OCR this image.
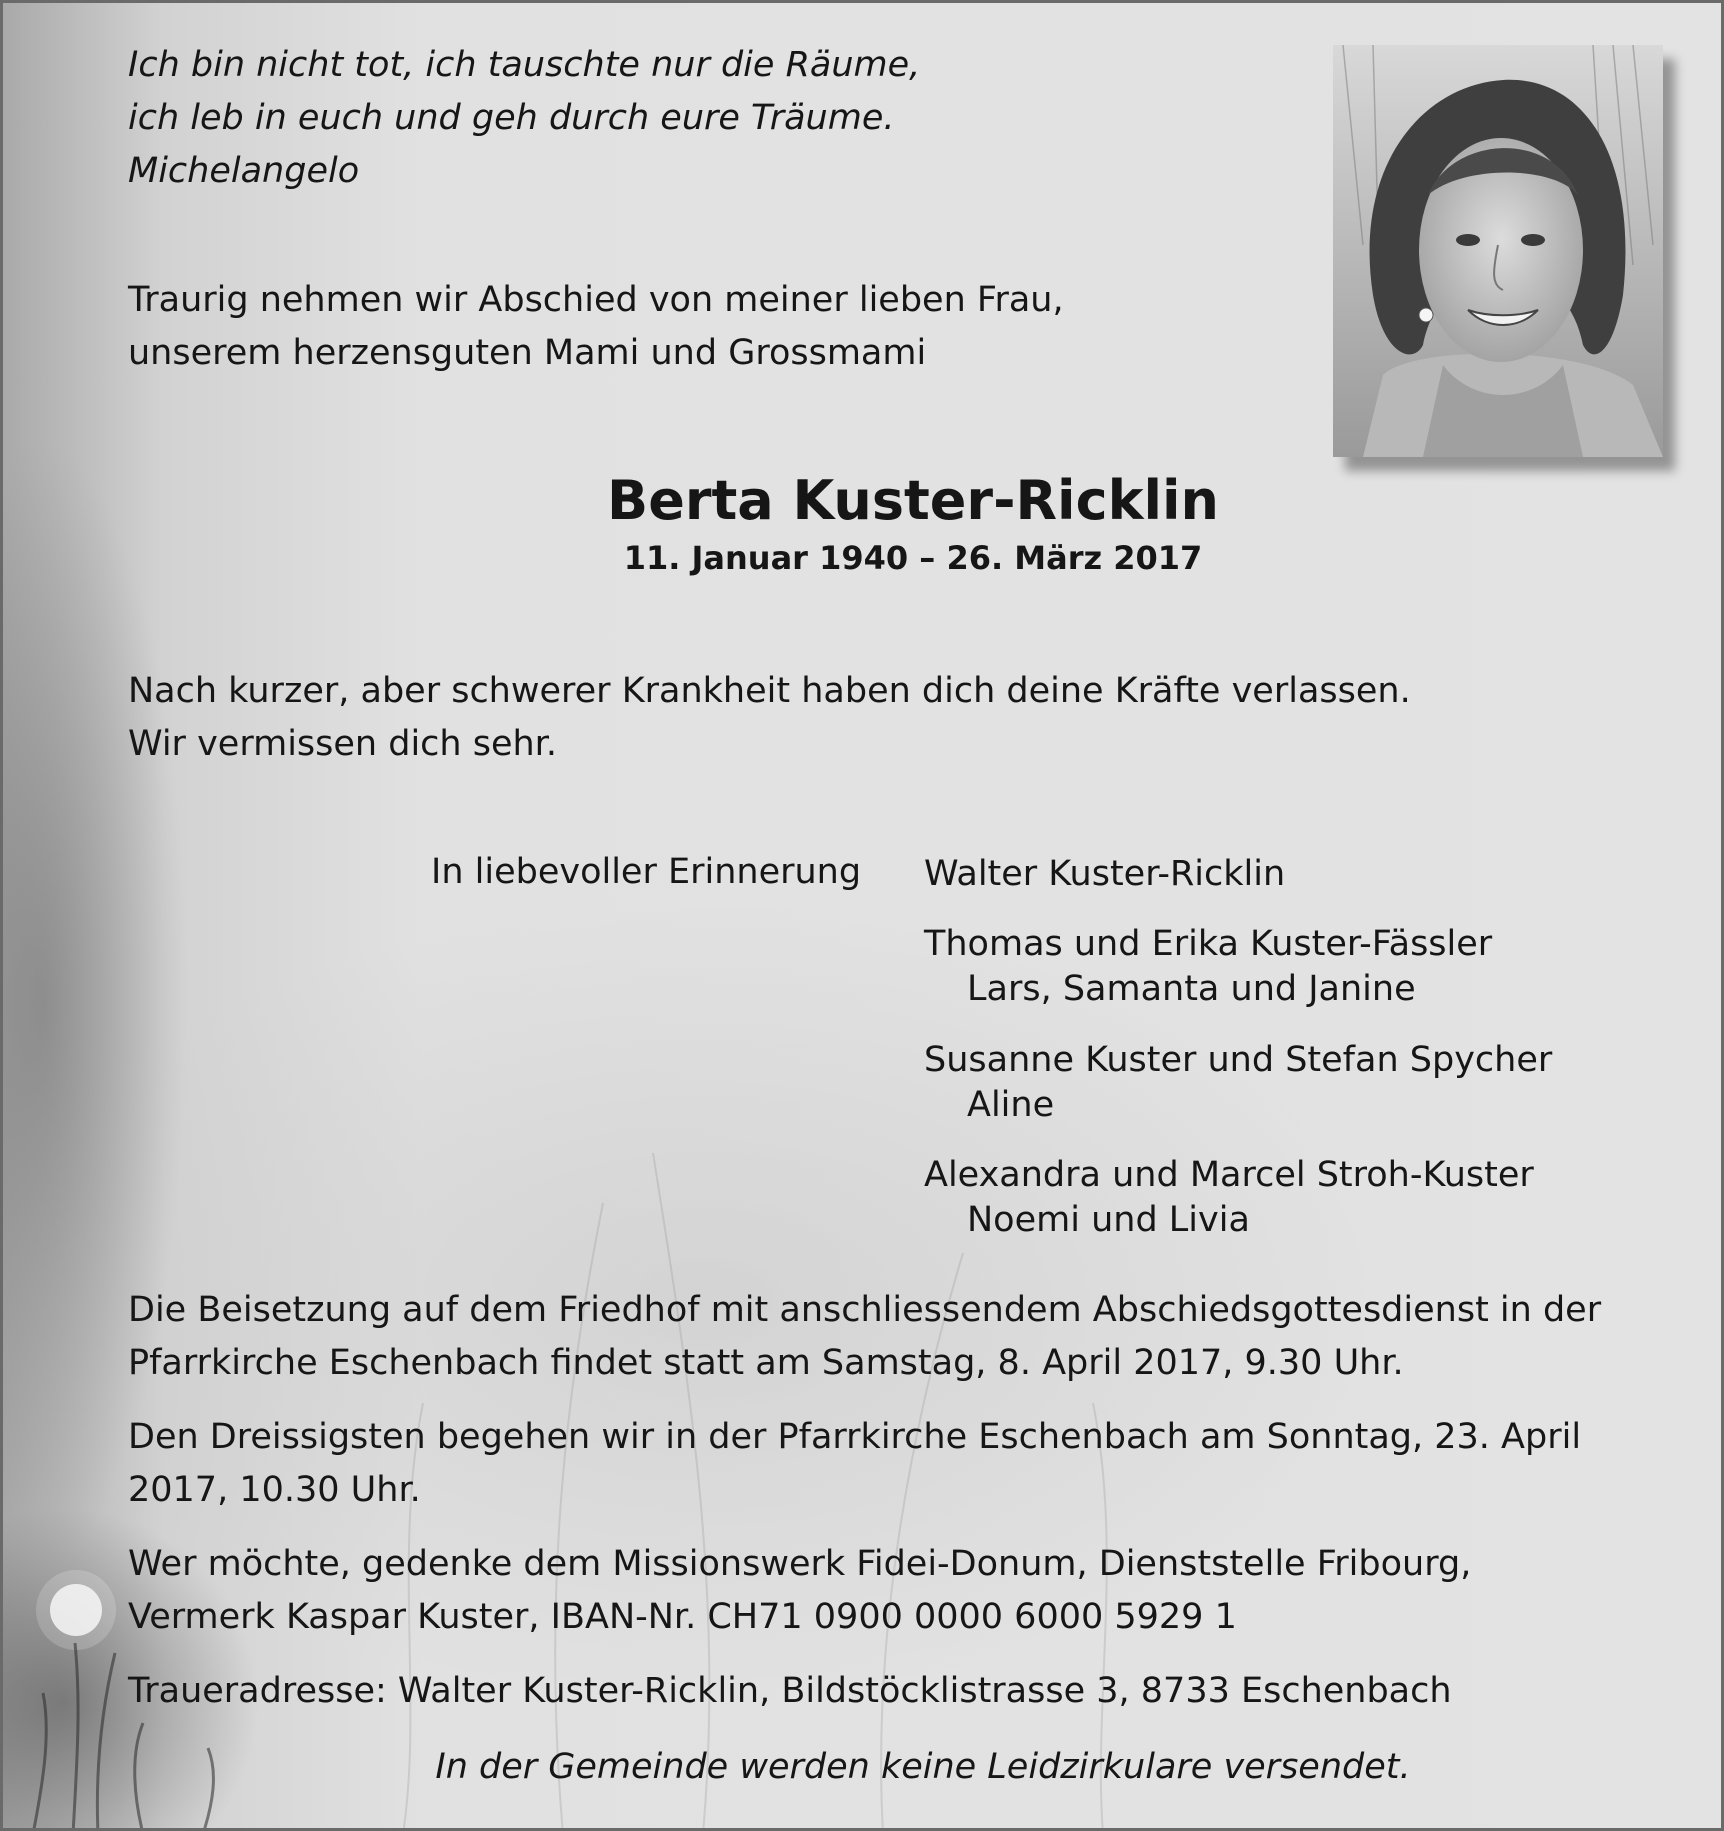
Ich bin nicht tot, ich tauschte nur die Räume,
ich leb in euch und geh durch eure Träume.
Michelangelo
Traurig nehmen wir Abschied von meiner lieben Frau,
unserem herzensguten Mami und Grossmami
Berta Kuster-Ricklin
11. Januar 1940 – 26. März 2017
Nach kurzer, aber schwerer Krankheit haben dich deine Kräfte verlassen.
Wir vermissen dich sehr.
In liebevoller Erinnerung Walter Kuster-Ricklin
Thomas und Erika Kuster-Fässler
Lars, Samanta und Janine
Susanne Kuster und Stefan Spycher
Aline
Alexandra und Marcel Stroh-Kuster
Noemi und Livia
Die Beisetzung auf dem Friedhof mit anschliessendem Abschiedsgottesdienst in der
Pfarrkirche Eschenbach findet statt am Samstag, 8. April 2017, 9.30 Uhr.
Den Dreissigsten begehen wir in der Pfarrkirche Eschenbach am Sonntag, 23. April
2017, 10.30 Uhr.
Wer möchte, gedenke dem Missionswerk Fidei-Donum, Dienststelle Fribourg,
Vermerk Kaspar Kuster, IBAN-Nr. CH71 0900 0000 6000 5929 1
Traueradresse: Walter Kuster-Ricklin, Bildstöcklistrasse 3, 8733 Eschenbach
In der Gemeinde werden keine Leidzirkulare versendet.
